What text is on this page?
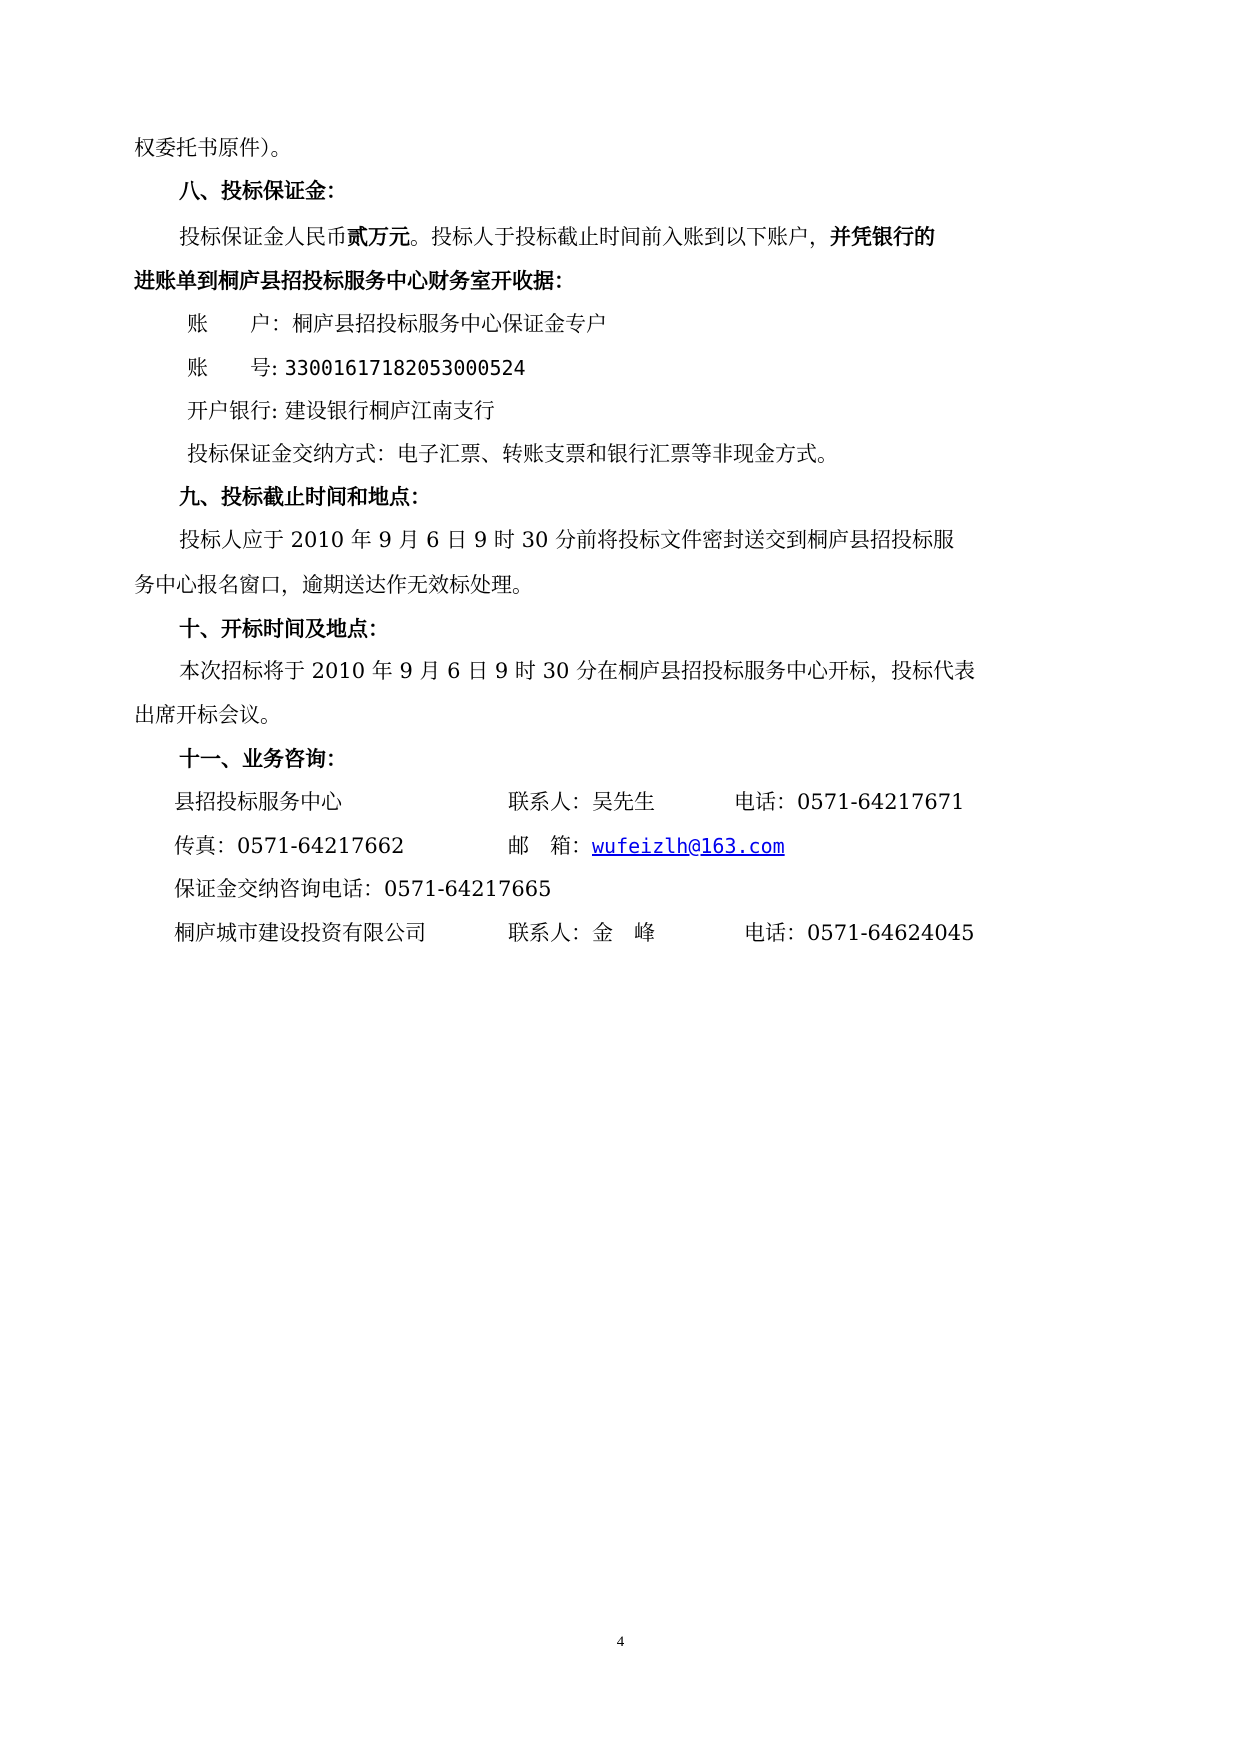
权委托书原件）。
八、投标保证金：
投标保证金人民币贰万元。投标人于投标截止时间前入账到以下账户，并凭银行的
进账单到桐庐县招投标服务中心财务室开收据：
账　　户：桐庐县招投标服务中心保证金专户
账　　号: 33001617182053000524
开户银行: 建设银行桐庐江南支行
投标保证金交纳方式：电子汇票、转账支票和银行汇票等非现金方式。
九、投标截止时间和地点：
投标人应于 2010 年 9 月 6 日 9 时 30 分前将投标文件密封送交到桐庐县招投标服
务中心报名窗口，逾期送达作无效标处理。
十、开标时间及地点：
本次招标将于 2010 年 9 月 6 日 9 时 30 分在桐庐县招投标服务中心开标，投标代表
出席开标会议。
十一、业务咨询：
县招投标服务中心	联系人：吴先生	电话：0571-64217671
传真：0571-64217662	邮　箱：wufeizlh@163.com
保证金交纳咨询电话：0571-64217665
桐庐城市建设投资有限公司	联系人：金　峰	电话：0571-64624045
4
